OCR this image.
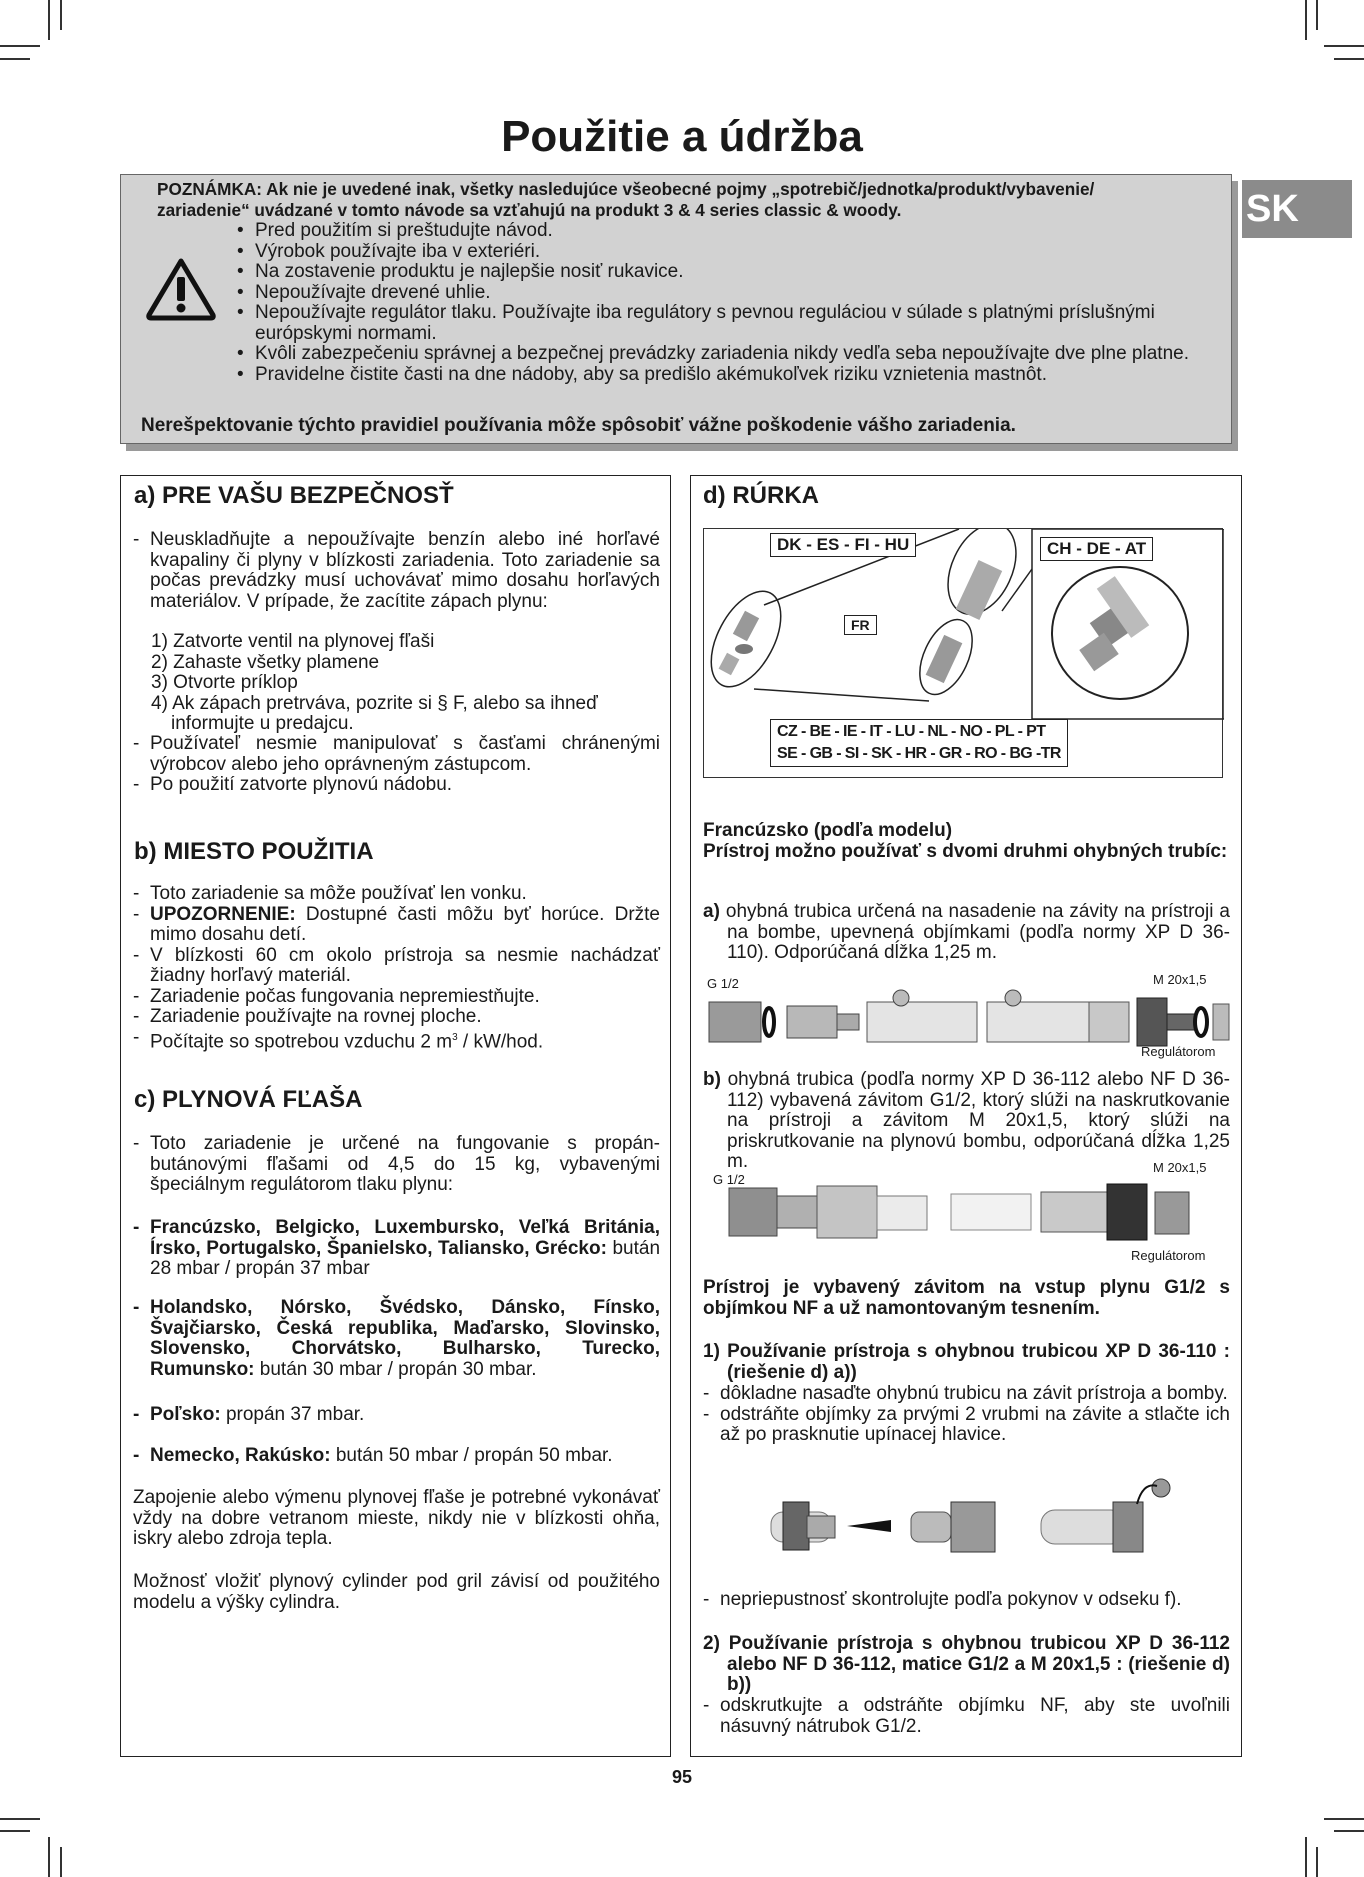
Použitie a údržba
SK
POZNÁMKA: Ak nie je uvedené inak, všetky nasledujúce všeobecné pojmy „spotrebič/jednotka/produkt/vybavenie/
zariadenie“ uvádzané v tomto návode sa vzťahujú na produkt 3 & 4 series classic & woody.
• Pred použitím si preštudujte návod.
• Výrobok používajte iba v exteriéri.
• Na zostavenie produktu je najlepšie nosiť rukavice.
• Nepoužívajte drevené uhlie.
• Nepoužívajte regulátor tlaku. Používajte iba regulátory s pevnou reguláciou v súlade s platnými príslušnými európskymi normami.
• Kvôli zabezpečeniu správnej a bezpečnej prevádzky zariadenia nikdy vedľa seba nepoužívajte dve plne platne.
• Pravidelne čistite časti na dne nádoby, aby sa predišlo akémukoľvek riziku vznietenia mastnôt.
Nerešpektovanie týchto pravidiel používania môže spôsobiť vážne poškodenie vášho zariadenia.
a) PRE VAŠU BEZPEČNOSŤ
- Neuskladňujte a nepoužívajte benzín alebo iné horľavé kvapaliny či plyny v blízkosti zariadenia. Toto zariadenie sa počas prevádzky musí uchovávať mimo dosahu horľavých materiálov. V prípade, že zacítite zápach plynu:
1) Zatvorte ventil na plynovej fľaši
2) Zahaste všetky plamene
3) Otvorte príklop
4) Ak zápach pretrváva, pozrite si § F, alebo sa ihneď informujte u predajcu.
- Používateľ nesmie manipulovať s časťami chránenými výrobcov alebo jeho oprávneným zástupcom.
- Po použití zatvorte plynovú nádobu.
b) MIESTO POUŽITIA
- Toto zariadenie sa môže používať len vonku.
- UPOZORNENIE: Dostupné časti môžu byť horúce. Držte mimo dosahu detí.
- V blízkosti 60 cm okolo prístroja sa nesmie nachádzať žiadny horľavý materiál.
- Zariadenie počas fungovania nepremiestňujte.
- Zariadenie používajte na rovnej ploche.
- Počítajte so spotrebou vzduchu 2 $m^3 / kW/hod$.
c) PLYNOVÁ FĽAŠA
- Toto zariadenie je určené na fungovanie s propán-butánovými fľašami od 4,5 do 15 kg, vybavenými špeciálnym regulátorom tlaku plynu:
- Francúzsko, Belgicko, Luxembursko, Veľká Británia, Írsko, Portugalsko, Španielsko, Taliansko, Grécko: bután 28 mbar / propán 37 mbar
- Holandsko, Nórsko, Švédsko, Dánsko, Fínsko, Švajčiarsko, Česká republika, Maďarsko, Slovinsko, Slovensko, Chorvátsko, Bulharsko, Turecko, Rumunsko: bután 30 mbar / propán 30 mbar.
- Poľsko: propán 37 mbar.
- Nemecko, Rakúsko: bután 50 mbar / propán 50 mbar.
Zapojenie alebo výmenu plynovej fľaše je potrebné vykonávať vždy na dobre vetranom mieste, nikdy nie v blízkosti ohňa, iskry alebo zdroja tepla.
Možnosť vložiť plynový cylinder pod gril závisí od použitého modelu a výšky cylindra.
d) RÚRKA
DK - ES - FI - HU	CH - DE - AT
FR
CZ - BE - IE - IT - LU - NL - NO - PL - PT
SE - GB - SI - SK - HR - GR - RO - BG -TR
Francúzsko (podľa modelu)
Prístroj možno používať s dvomi druhmi ohybných trubíc:
a) ohybná trubica určená na nasadenie na závity na prístroji a na bombe, upevnená objímkami (podľa normy XP D 36-110). Odporúčaná dĺžka 1,25 m.
G 1/2	M 20x1,5
Regulátorom
b) ohybná trubica (podľa normy XP D 36-112 alebo NF D 36-112) vybavená závitom G1/2, ktorý slúži na naskrutkovanie na prístroji a závitom M 20x1,5, ktorý slúži na priskrutkovanie na plynovú bombu, odporúčaná dĺžka 1,25 m.
G 1/2
M 20x1,5
Regulátorom
Prístroj je vybavený závitom na vstup plynu G1/2 s objímkou NF a už namontovaným tesnením.
1) Používanie prístroja s ohybnou trubicou XP D 36-110 : (riešenie d) a))
- dôkladne nasaďte ohybnú trubicu na závit prístroja a bomby.
- odstráňte objímky za prvými 2 vrubmi na závite a stlačte ich až po prasknutie upínacej hlavice.
- nepriepustnosť skontrolujte podľa pokynov v odseku f).
2) Používanie prístroja s ohybnou trubicou XP D 36-112 alebo NF D 36-112, matice G1/2 a M 20x1,5 : (riešenie d) b))
- odskrutkujte a odstráňte objímku NF, aby ste uvoľnili násuvný nátrubok G1/2.
95
